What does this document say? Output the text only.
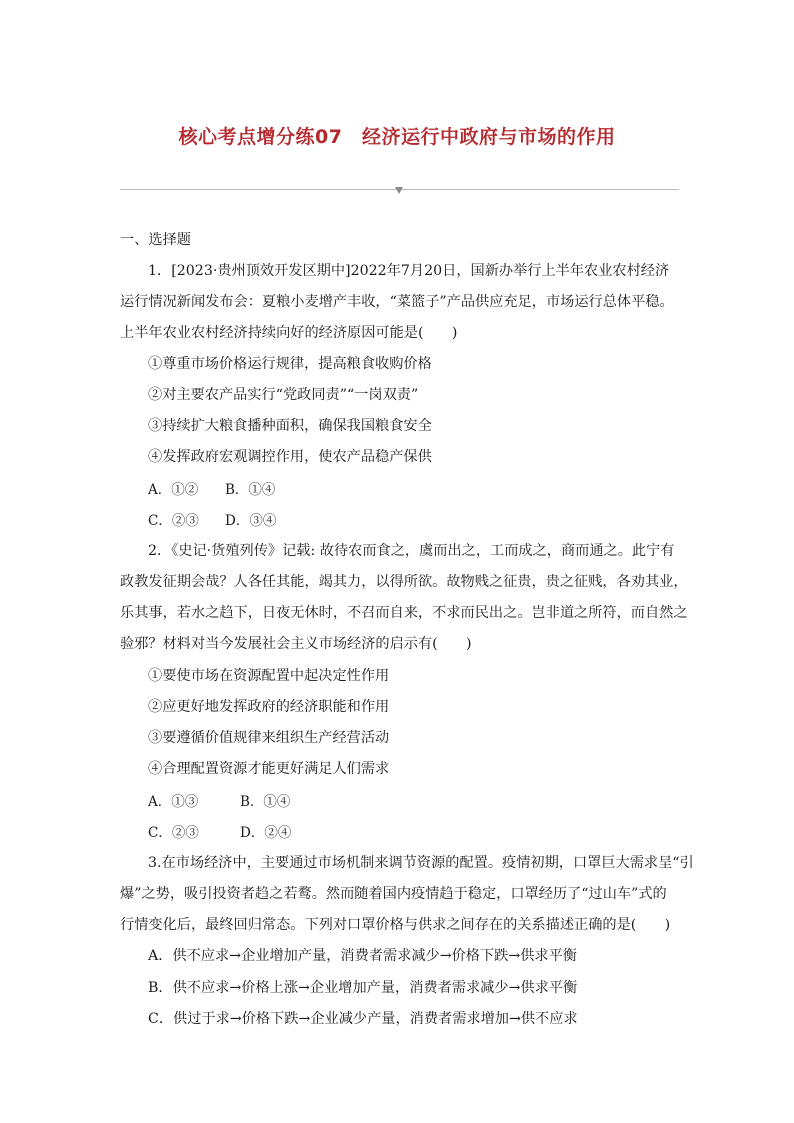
核心考点增分练07　经济运行中政府与市场的作用
一、选择题
1．[2023·贵州顶效开发区期中]2022年7月20日，国新办举行上半年农业农村经济
运行情况新闻发布会：夏粮小麦增产丰收，“菜篮子”产品供应充足，市场运行总体平稳。
上半年农业农村经济持续向好的经济原因可能是(　　)
①尊重市场价格运行规律，提高粮食收购价格
②对主要农产品实行“党政同责”“一岗双责”
③持续扩大粮食播种面积，确保我国粮食安全
④发挥政府宏观调控作用，使农产品稳产保供
A．①② B．①④
C．②③ D．③④
2．《史记·货殖列传》记载: 故待农而食之，虞而出之，工而成之，商而通之。此宁有
政教发征期会哉？人各任其能，竭其力，以得所欲。故物贱之征贵，贵之征贱，各劝其业，
乐其事，若水之趋下，日夜无休时，不召而自来，不求而民出之。岂非道之所符，而自然之
验邪？材料对当今发展社会主义市场经济的启示有(　　)
①要使市场在资源配置中起决定性作用
②应更好地发挥政府的经济职能和作用
③要遵循价值规律来组织生产经营活动
④合理配置资源才能更好满足人们需求
A．①③	B．①④
C．②③	D．②④
3.在市场经济中，主要通过市场机制来调节资源的配置。疫情初期，口罩巨大需求呈“引
爆”之势，吸引投资者趋之若鹜。然而随着国内疫情趋于稳定，口罩经历了“过山车”式的
行情变化后，最终回归常态。下列对口罩价格与供求之间存在的关系描述正确的是(　　)
A．供不应求→企业增加产量，消费者需求减少→价格下跌→供求平衡
B．供不应求→价格上涨→企业增加产量，消费者需求减少→供求平衡
C．供过于求→价格下跌→企业减少产量，消费者需求增加→供不应求
